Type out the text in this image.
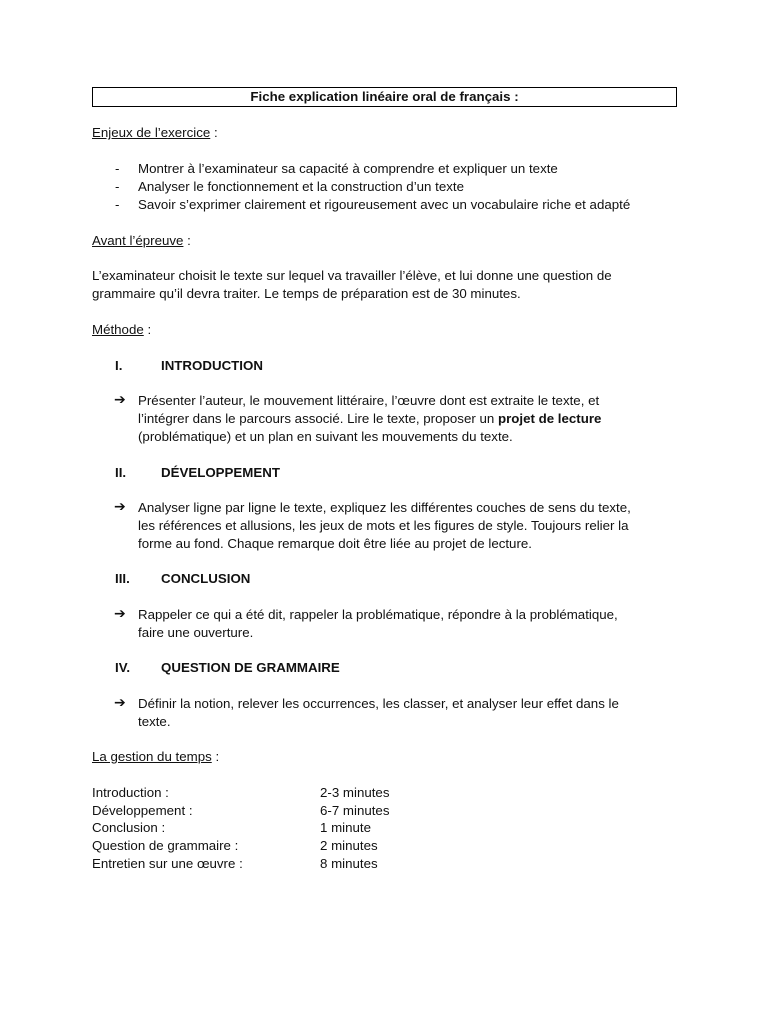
Fiche explication linéaire oral de français :
Enjeux de l’exercice :
- Montrer à l’examinateur sa capacité à comprendre et expliquer un texte
- Analyser le fonctionnement et la construction d’un texte
- Savoir s’exprimer clairement et rigoureusement avec un vocabulaire riche et adapté
Avant l’épreuve :
L’examinateur choisit le texte sur lequel va travailler l’élève, et lui donne une question de
grammaire qu’il devra traiter. Le temps de préparation est de 30 minutes.
Méthode :
I.	INTRODUCTION
➔ Présenter l’auteur, le mouvement littéraire, l’œuvre dont est extraite le texte, et
l’intégrer dans le parcours associé. Lire le texte, proposer un projet de lecture
(problématique) et un plan en suivant les mouvements du texte.
II.	DÉVELOPPEMENT
➔ Analyser ligne par ligne le texte, expliquez les différentes couches de sens du texte,
les références et allusions, les jeux de mots et les figures de style. Toujours relier la
forme au fond. Chaque remarque doit être liée au projet de lecture.
III. CONCLUSION
➔ Rappeler ce qui a été dit, rappeler la problématique, répondre à la problématique,
faire une ouverture.
IV. QUESTION DE GRAMMAIRE
➔ Définir la notion, relever les occurrences, les classer, et analyser leur effet dans le
texte.
La gestion du temps :
Introduction :	2-3 minutes
Développement :	6-7 minutes
Conclusion :	1 minute
Question de grammaire :	2 minutes
Entretien sur une œuvre :	8 minutes
